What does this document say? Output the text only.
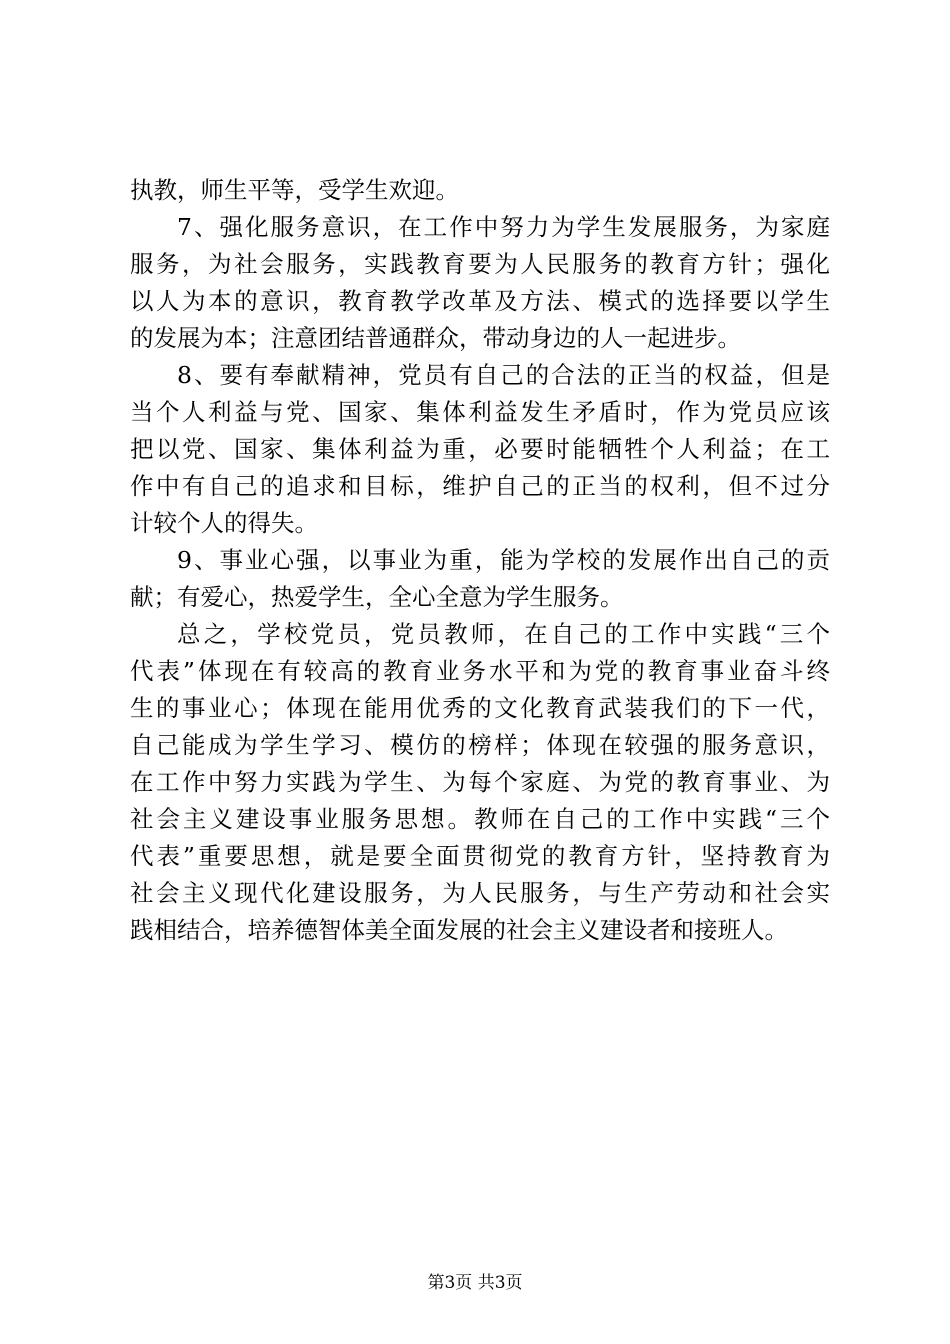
执教，师生平等，受学生欢迎。
7、强化服务意识，在工作中努力为学生发展服务，为家庭
服务，为社会服务，实践教育要为人民服务的教育方针；强化
以人为本的意识，教育教学改革及方法、模式的选择要以学生
的发展为本；注意团结普通群众，带动身边的人一起进步。
8、要有奉献精神，党员有自己的合法的正当的权益，但是
当个人利益与党、国家、集体利益发生矛盾时，作为党员应该
把以党、国家、集体利益为重，必要时能牺牲个人利益；在工
作中有自己的追求和目标，维护自己的正当的权利，但不过分
计较个人的得失。
9、事业心强，以事业为重，能为学校的发展作出自己的贡
献；有爱心，热爱学生，全心全意为学生服务。
总之，学校党员，党员教师，在自己的工作中实践“三个
代表”体现在有较高的教育业务水平和为党的教育事业奋斗终
生的事业心；体现在能用优秀的文化教育武装我们的下一代，
自己能成为学生学习、模仿的榜样；体现在较强的服务意识，
在工作中努力实践为学生、为每个家庭、为党的教育事业、为
社会主义建设事业服务思想。教师在自己的工作中实践“三个
代表”重要思想，就是要全面贯彻党的教育方针，坚持教育为
社会主义现代化建设服务，为人民服务，与生产劳动和社会实
践相结合，培养德智体美全面发展的社会主义建设者和接班人。
第3页 共3页
